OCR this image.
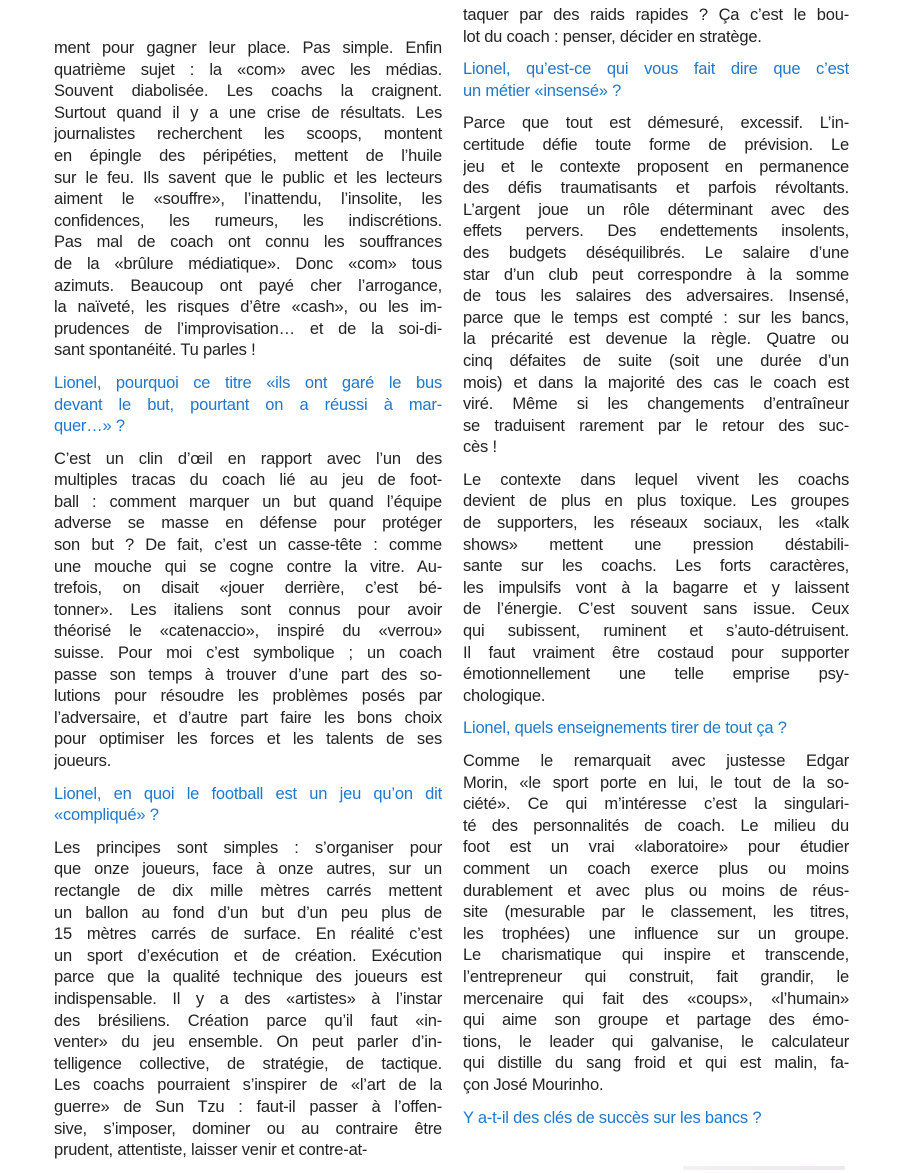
ment pour gagner leur place. Pas simple. Enfin
quatrième sujet : la «com» avec les médias.
Souvent diabolisée. Les coachs la craignent.
Surtout quand il y a une crise de résultats. Les
journalistes recherchent les scoops, montent
en épingle des péripéties, mettent de l’huile
sur le feu. Ils savent que le public et les lecteurs
aiment le «souffre», l’inattendu, l’insolite, les
confidences, les rumeurs, les indiscrétions.
Pas mal de coach ont connu les souffrances
de la «brûlure médiatique». Donc «com» tous
azimuts. Beaucoup ont payé cher l’arrogance,
la naïveté, les risques d’être «cash», ou les im-
prudences de l’improvisation… et de la soi-di-
sant spontanéité. Tu parles !
Lionel, pourquoi ce titre «ils ont garé le bus
devant le but, pourtant on a réussi à mar-
quer…» ?
C’est un clin d’œil en rapport avec l’un des
multiples tracas du coach lié au jeu de foot-
ball : comment marquer un but quand l’équipe
adverse se masse en défense pour protéger
son but ? De fait, c’est un casse-tête : comme
une mouche qui se cogne contre la vitre. Au-
trefois, on disait «jouer derrière, c’est bé-
tonner». Les italiens sont connus pour avoir
théorisé le «catenaccio», inspiré du «verrou»
suisse. Pour moi c’est symbolique ; un coach
passe son temps à trouver d’une part des so-
lutions pour résoudre les problèmes posés par
l’adversaire, et d’autre part faire les bons choix
pour optimiser les forces et les talents de ses
joueurs.
Lionel, en quoi le football est un jeu qu’on dit
«compliqué» ?
Les principes sont simples : s’organiser pour
que onze joueurs, face à onze autres, sur un
rectangle de dix mille mètres carrés mettent
un ballon au fond d’un but d’un peu plus de
15 mètres carrés de surface. En réalité c’est
un sport d’exécution et de création. Exécution
parce que la qualité technique des joueurs est
indispensable. Il y a des «artistes» à l’instar
des brésiliens. Création parce qu’il faut «in-
venter» du jeu ensemble. On peut parler d’in-
telligence collective, de stratégie, de tactique.
Les coachs pourraient s’inspirer de «l’art de la
guerre» de Sun Tzu : faut-il passer à l’offen-
sive, s’imposer, dominer ou au contraire être
prudent, attentiste, laisser venir et contre-at-
taquer par des raids rapides ? Ça c’est le bou-
lot du coach : penser, décider en stratège.
Lionel, qu’est-ce qui vous fait dire que c’est
un métier «insensé» ?
Parce que tout est démesuré, excessif. L’in-
certitude défie toute forme de prévision. Le
jeu et le contexte proposent en permanence
des défis traumatisants et parfois révoltants.
L’argent joue un rôle déterminant avec des
effets pervers. Des endettements insolents,
des budgets déséquilibrés. Le salaire d’une
star d’un club peut correspondre à la somme
de tous les salaires des adversaires. Insensé,
parce que le temps est compté : sur les bancs,
la précarité est devenue la règle. Quatre ou
cinq défaites de suite (soit une durée d’un
mois) et dans la majorité des cas le coach est
viré. Même si les changements d’entraîneur
se traduisent rarement par le retour des suc-
cès !
Le contexte dans lequel vivent les coachs
devient de plus en plus toxique. Les groupes
de supporters, les réseaux sociaux, les «talk
shows» mettent une pression déstabili-
sante sur les coachs. Les forts caractères,
les impulsifs vont à la bagarre et y laissent
de l’énergie. C’est souvent sans issue. Ceux
qui subissent, ruminent et s’auto-détruisent.
Il faut vraiment être costaud pour supporter
émotionnellement une telle emprise psy-
chologique.
Lionel, quels enseignements tirer de tout ça ?
Comme le remarquait avec justesse Edgar
Morin, «le sport porte en lui, le tout de la so-
ciété». Ce qui m’intéresse c’est la singulari-
té des personnalités de coach. Le milieu du
foot est un vrai «laboratoire» pour étudier
comment un coach exerce plus ou moins
durablement et avec plus ou moins de réus-
site (mesurable par le classement, les titres,
les trophées) une influence sur un groupe.
Le charismatique qui inspire et transcende,
l’entrepreneur qui construit, fait grandir, le
mercenaire qui fait des «coups», «l’humain»
qui aime son groupe et partage des émo-
tions, le leader qui galvanise, le calculateur
qui distille du sang froid et qui est malin, fa-
çon José Mourinho.
Y a-t-il des clés de succès sur les bancs ?
